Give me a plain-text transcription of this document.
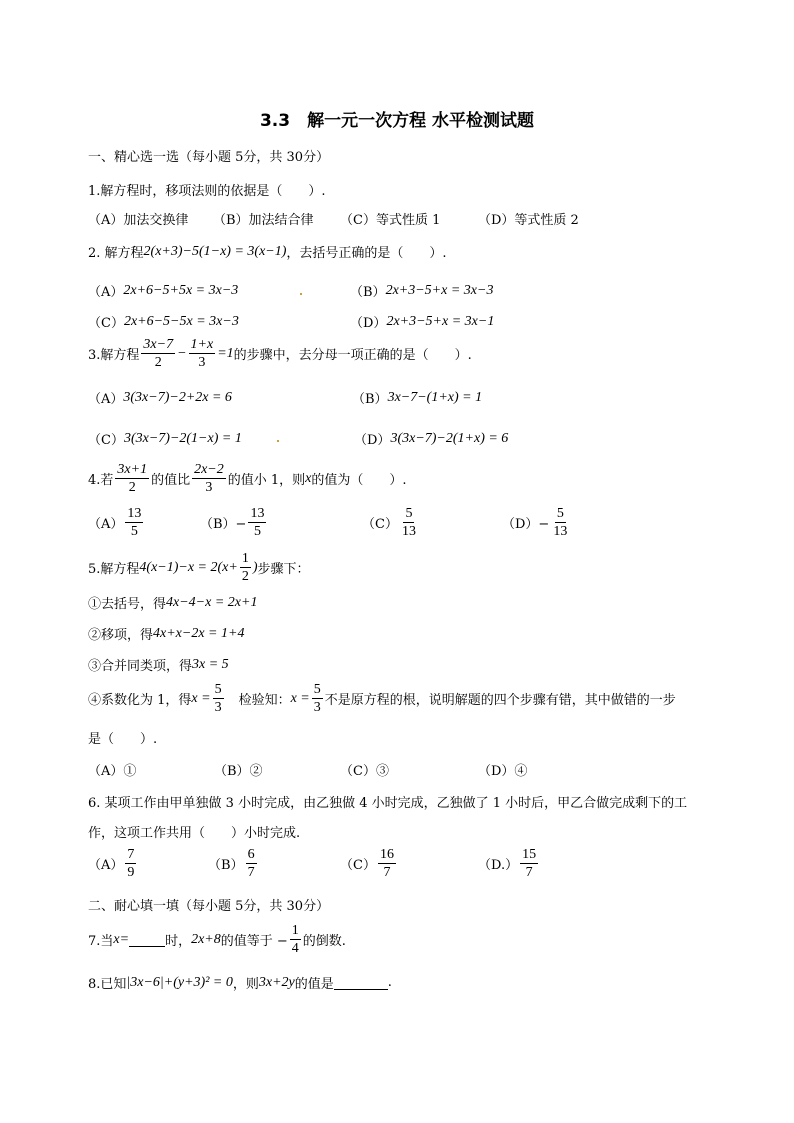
3.3　解一元一次方程 水平检测试题
一、精心选一选（每小题 5分，共 30分）
1.解方程时，移项法则的依据是（　　）.
（A）加法交换律 （B）加法结合律 （C）等式性质 1	（D）等式性质 2
2. 解方程 2(x+3)−5(1−x) = 3(x−1) ，去括号正确的是（　　）.
（A） 2x+6−5+5x = 3x−3	（B） 2x+3−5+x = 3x−3
（C） 2x+6−5−5x = 3x−3	（D） 2x+3−5+x = 3x−1
3.解方程 $\frac{3x-7}{2} - \frac{1+x}{3} =1$ 的步骤中，去分母一项正确的是（　　）.
（A） 3(3x−7)−2+2x = 6	（B） 3x−7−(1+x) = 1
（C） 3(3x−7)−2(1−x) = 1	（D） 3(3x−7)−2(1+x) = 6
4.若 $\frac{3x+1}{2}$ 的值比 $\frac{2x-2}{3}$ 的值小 1，则 x 的值为（　　）.
$(A) \frac{13}{5}$	$(B)- \frac{13}{5}$	$(C) \frac{5}{13}$	$(D)- \frac{5}{13}$
5.解方程 $4(x-1)-x = 2(x+ \frac{1}{2}$ ) 步骤下：
①去括号，得 4x−4−x = 2x+1
②移项，得 4x+x−2x = 1+4
③合并同类项，得 3x = 5
④系数化为 1，得 $x = \frac{5}{3}$ 　检验知： $x = \frac{5}{3}$ 不是原方程的根，说明解题的四个步骤有错，其中做错的一步
是（　　）.
（A）①	（B）②	（C）③	（D）④
6. 某项工作由甲单独做 3 小时完成，由乙独做 4 小时完成，乙独做了 1 小时后，甲乙合做完成剩下的工
作，这项工作共用（　　）小时完成.
$(A) \frac{7}{9}$	$(B) \frac{6}{7}$	$(C) \frac{16}{7}$	$(D.) \frac{15}{7}$
二、耐心填一填（每小题 5分，共 30分）
7.当 x =	时， 2x+8 的值等于 − $\frac{1}{4}$ 的倒数.
8.已知 |3x−6|+(y+3)² = 0 ，则 3x+2y 的值是	.
